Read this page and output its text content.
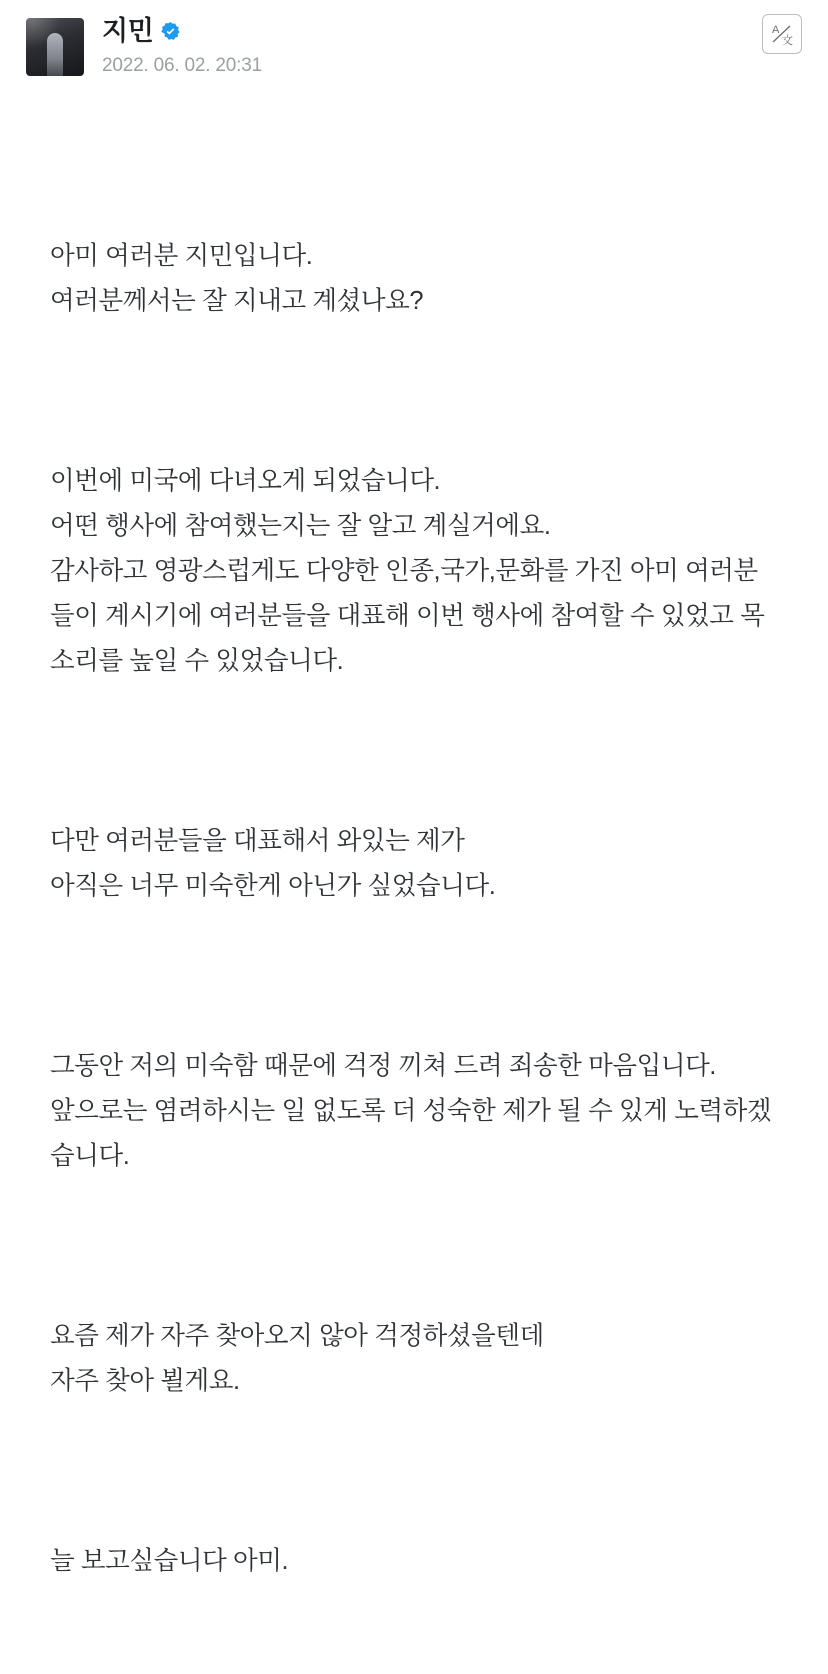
지민
2022. 06. 02. 20:31
A
文

아미 여러분 지민입니다.
여러분께서는 잘 지내고 계셨나요?

이번에 미국에 다녀오게 되었습니다.
어떤 행사에 참여했는지는 잘 알고 계실거에요.
감사하고 영광스럽게도 다양한 인종,국가,문화를 가진 아미 여러분들이 계시기에 여러분들을 대표해 이번 행사에 참여할 수 있었고 목소리를 높일 수 있었습니다.

다만 여러분들을 대표해서 와있는 제가
아직은 너무 미숙한게 아닌가 싶었습니다.

그동안 저의 미숙함 때문에 걱정 끼쳐 드려 죄송한 마음입니다.
앞으로는 염려하시는 일 없도록 더 성숙한 제가 될 수 있게 노력하겠습니다.

요즘 제가 자주 찾아오지 않아 걱정하셨을텐데
자주 찾아 뵐게요.

늘 보고싶습니다 아미.
